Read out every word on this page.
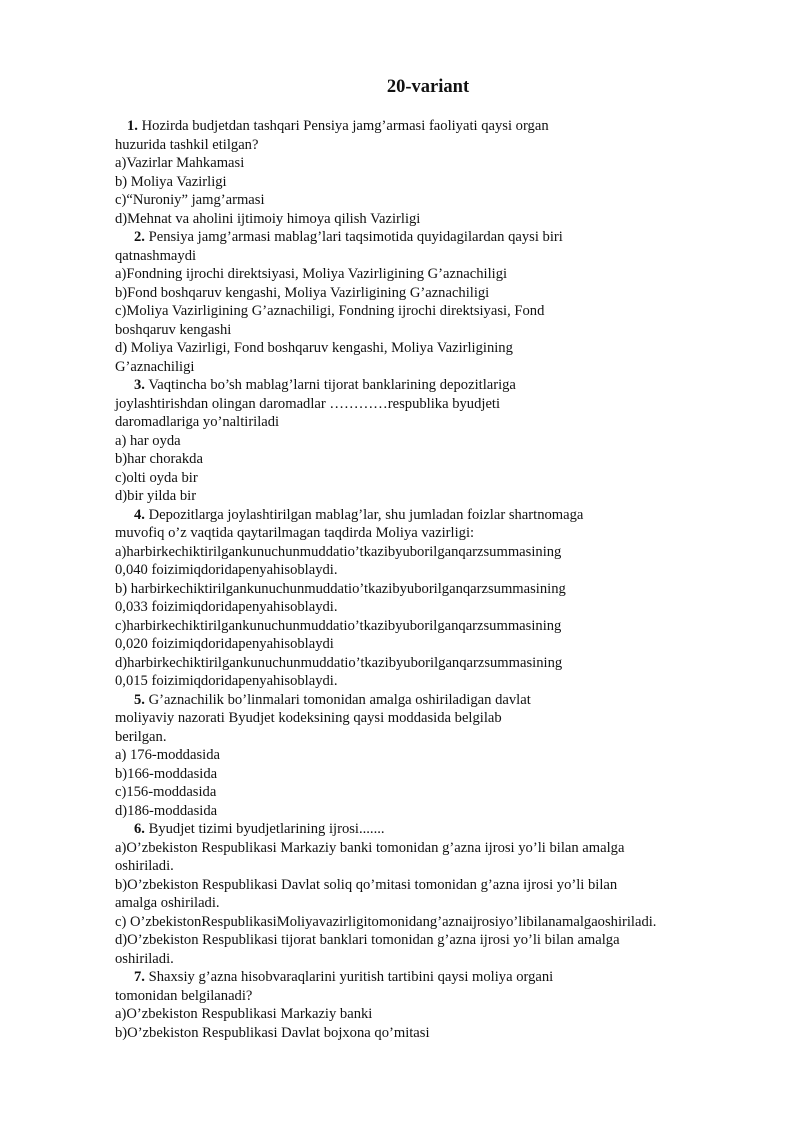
20-variant
1. Hozirda budjetdan tashqari Pensiya jamg’armasi faoliyati qaysi organ
huzurida tashkil etilgan?
a)Vazirlar Mahkamasi
b) Moliya Vazirligi
c)“Nuroniy” jamg’armasi
d)Mehnat va aholini ijtimoiy himoya qilish Vazirligi
2. Pensiya jamg’armasi mablag’lari taqsimotida quyidagilardan qaysi biri
qatnashmaydi
a)Fondning ijrochi direktsiyasi, Moliya Vazirligining G’aznachiligi
b)Fond boshqaruv kengashi, Moliya Vazirligining G’aznachiligi
c)Moliya Vazirligining G’aznachiligi, Fondning ijrochi direktsiyasi, Fond
boshqaruv kengashi
d) Moliya Vazirligi, Fond boshqaruv kengashi, Moliya Vazirligining
G’aznachiligi
3. Vaqtincha bo’sh mablag’larni tijorat banklarining depozitlariga
joylashtirishdan olingan daromadlar …………respublika byudjeti
daromadlariga yo’naltiriladi
a) har oyda
b)har chorakda
c)olti oyda bir
d)bir yilda bir
4. Depozitlarga joylashtirilgan mablag’lar, shu jumladan foizlar shartnomaga
muvofiq o’z vaqtida qaytarilmagan taqdirda Moliya vazirligi:
a)harbirkechiktirilgankunuchunmuddatio’tkazibyuborilganqarzsummasining
0,040 foizimiqdoridapenyahisoblaydi.
b) harbirkechiktirilgankunuchunmuddatio’tkazibyuborilganqarzsummasining
0,033 foizimiqdoridapenyahisoblaydi.
c)harbirkechiktirilgankunuchunmuddatio’tkazibyuborilganqarzsummasining
0,020 foizimiqdoridapenyahisoblaydi
d)harbirkechiktirilgankunuchunmuddatio’tkazibyuborilganqarzsummasining
0,015 foizimiqdoridapenyahisoblaydi.
5. G’aznachilik bo’linmalari tomonidan amalga oshiriladigan davlat
moliyaviy nazorati Byudjet kodeksining qaysi moddasida belgilab
berilgan.
a) 176-moddasida
b)166-moddasida
c)156-moddasida
d)186-moddasida
6. Byudjet tizimi byudjetlarining ijrosi.......
a)O’zbekiston Respublikasi Markaziy banki tomonidan g’azna ijrosi yo’li bilan amalga
oshiriladi.
b)O’zbekiston Respublikasi Davlat soliq qo’mitasi tomonidan g’azna ijrosi yo’li bilan
amalga oshiriladi.
c) O’zbekistonRespublikasiMoliyavazirligitomonidang’aznaijrosiyo’libilanamalgaoshiriladi.
d)O’zbekiston Respublikasi tijorat banklari tomonidan g’azna ijrosi yo’li bilan amalga
oshiriladi.
7. Shaxsiy g’azna hisobvaraqlarini yuritish tartibini qaysi moliya organi
tomonidan belgilanadi?
a)O’zbekiston Respublikasi Markaziy banki
b)O’zbekiston Respublikasi Davlat bojxona qo’mitasi
